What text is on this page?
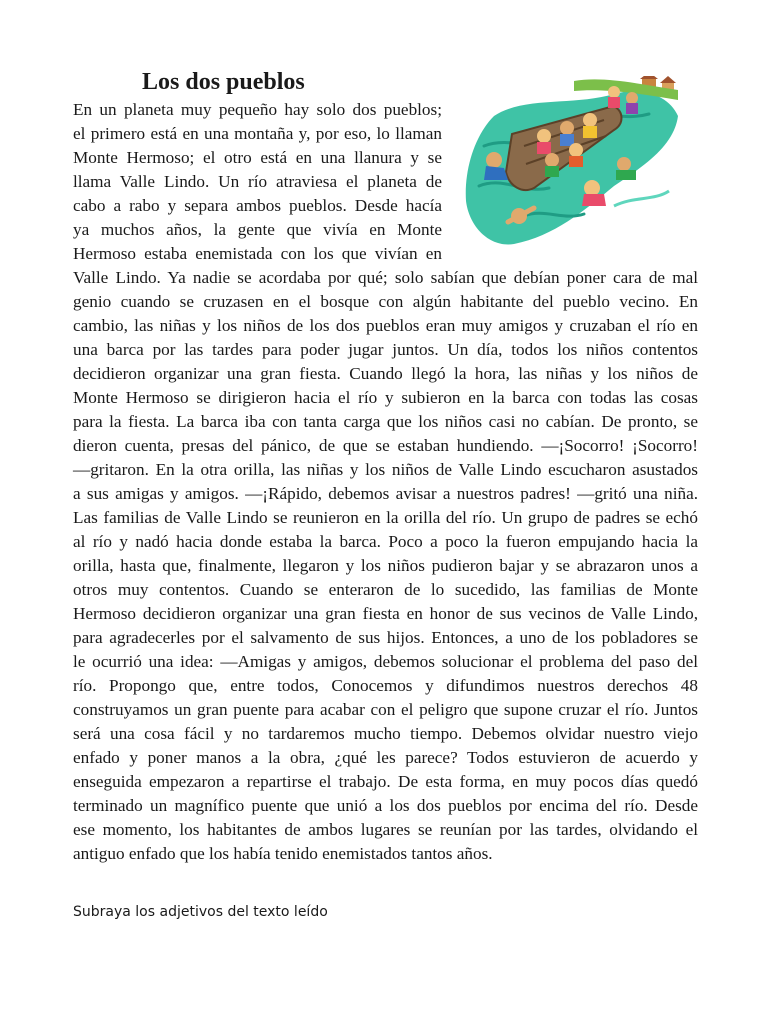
Los dos pueblos
En un planeta muy pequeño hay solo dos pueblos;
el primero está en una montaña y, por eso, lo llaman
Monte Hermoso; el otro está en una llanura y se
llama Valle Lindo. Un río atraviesa el planeta de
cabo a rabo y separa ambos pueblos. Desde hacía
ya muchos años, la gente que vivía en Monte
Hermoso estaba enemistada con los que vivían en
Valle Lindo. Ya nadie se acordaba por qué; solo sabían que debían poner cara de mal
genio cuando se cruzasen en el bosque con algún habitante del pueblo vecino. En
cambio, las niñas y los niños de los dos pueblos eran muy amigos y cruzaban el río en
una barca por las tardes para poder jugar juntos. Un día, todos los niños contentos
decidieron organizar una gran fiesta. Cuando llegó la hora, las niñas y los niños de
Monte Hermoso se dirigieron hacia el río y subieron en la barca con todas las cosas
para la fiesta. La barca iba con tanta carga que los niños casi no cabían. De pronto, se
dieron cuenta, presas del pánico, de que se estaban hundiendo. —¡Socorro! ¡Socorro!
—gritaron. En la otra orilla, las niñas y los niños de Valle Lindo escucharon asustados
a sus amigas y amigos. —¡Rápido, debemos avisar a nuestros padres! —gritó una niña.
Las familias de Valle Lindo se reunieron en la orilla del río. Un grupo de padres se echó
al río y nadó hacia donde estaba la barca. Poco a poco la fueron empujando hacia la
orilla, hasta que, finalmente, llegaron y los niños pudieron bajar y se abrazaron unos a
otros muy contentos. Cuando se enteraron de lo sucedido, las familias de Monte
Hermoso decidieron organizar una gran fiesta en honor de sus vecinos de Valle Lindo,
para agradecerles por el salvamento de sus hijos. Entonces, a uno de los pobladores se
le ocurrió una idea: —Amigas y amigos, debemos solucionar el problema del paso del
río. Propongo que, entre todos, Conocemos y difundimos nuestros derechos 48
construyamos un gran puente para acabar con el peligro que supone cruzar el río. Juntos
será una cosa fácil y no tardaremos mucho tiempo. Debemos olvidar nuestro viejo
enfado y poner manos a la obra, ¿qué les parece? Todos estuvieron de acuerdo y
enseguida empezaron a repartirse el trabajo. De esta forma, en muy pocos días quedó
terminado un magnífico puente que unió a los dos pueblos por encima del río. Desde
ese momento, los habitantes de ambos lugares se reunían por las tardes, olvidando el
antiguo enfado que los había tenido enemistados tantos años.
Subraya los adjetivos del texto leído
